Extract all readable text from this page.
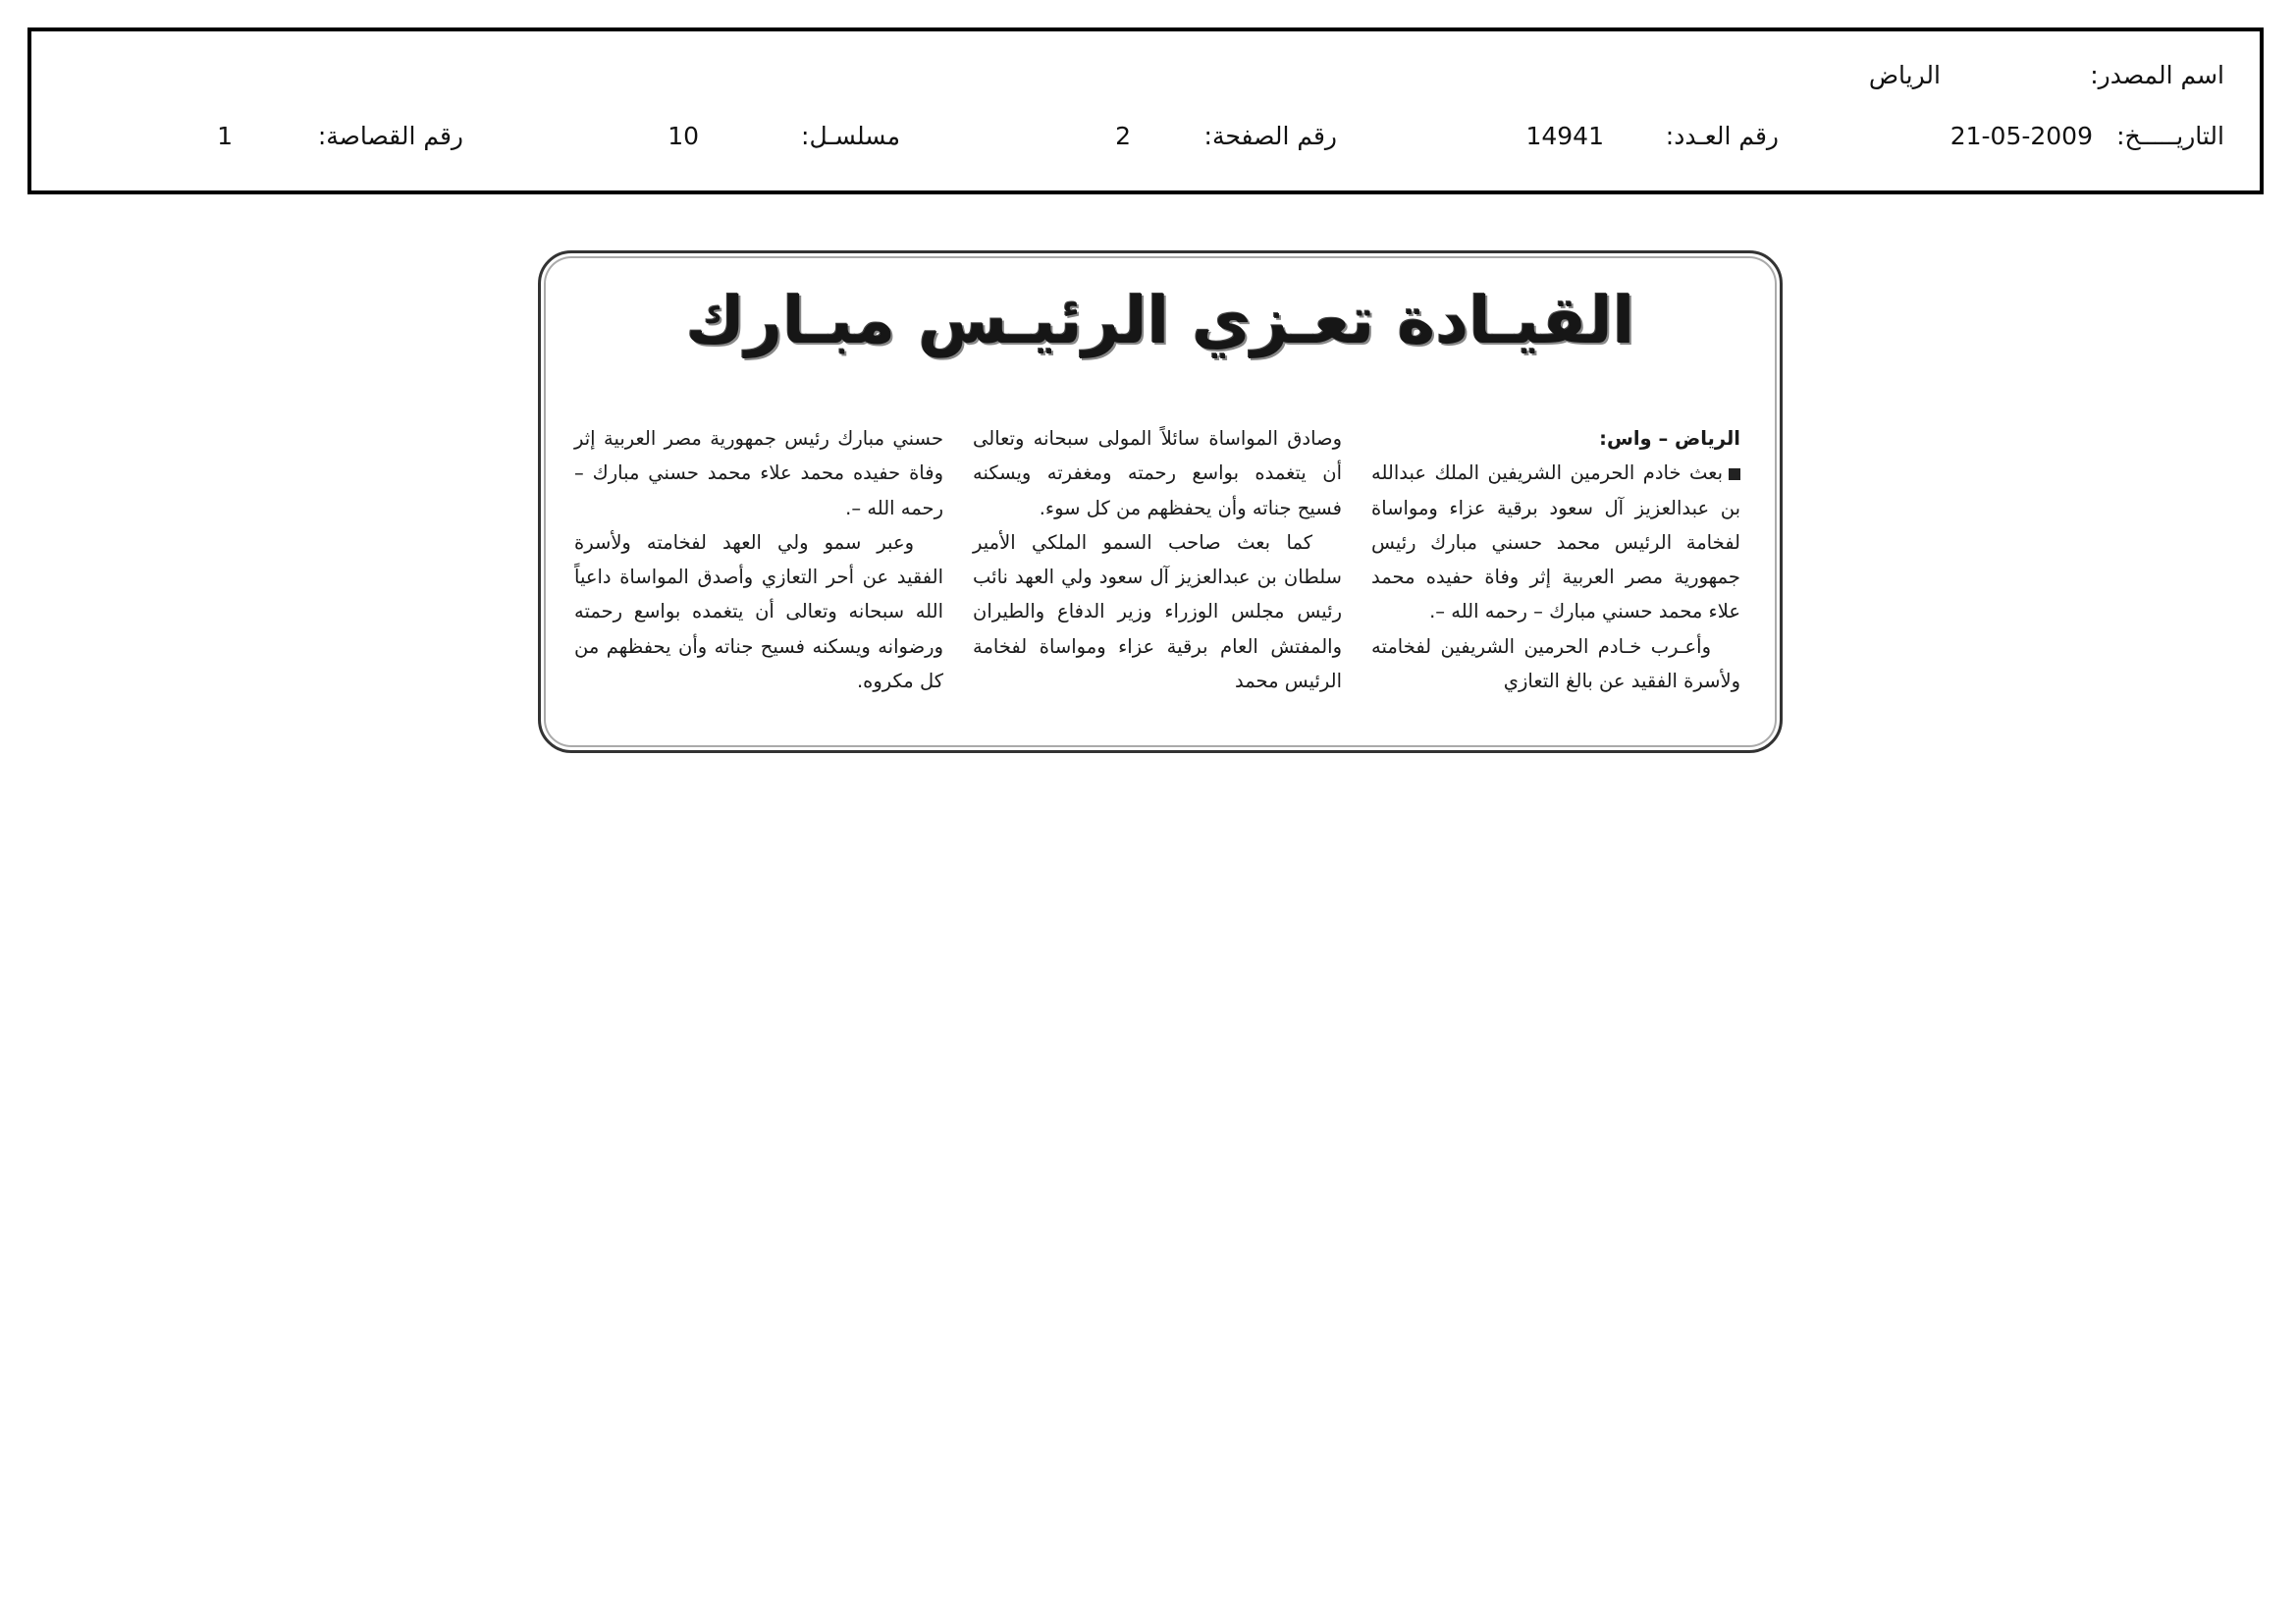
اسم المصدر:
الرياض
التاريـــــخ:
21-05-2009
رقم العـدد:
14941
رقم الصفحة:
2
مسلسـل:
10
رقم القصاصة:
1
القيـادة تعـزي الرئيـس مبـارك

الرياض – واس:

بعث خادم الحرمين الشريفين الملك عبدالله بن عبدالعزيز آل سعود برقية عزاء ومواساة لفخامة الرئيس محمد حسني مبارك رئيس جمهورية مصر العربية إثر وفاة حفيده محمد علاء محمد حسني مبارك – رحمه الله –.

وأعـرب خـادم الحرمين الشريفين لفخامته ولأسرة الفقيد عن بالغ التعازي

وصادق المواساة سائلاً المولى سبحانه وتعالى أن يتغمده بواسع رحمته ومغفرته ويسكنه فسيح جناته وأن يحفظهم من كل سوء.

كما بعث صاحب السمو الملكي الأمير سلطان بن عبدالعزيز آل سعود ولي العهد نائب رئيس مجلس الوزراء وزير الدفاع والطيران والمفتش العام برقية عزاء ومواساة لفخامة الرئيس محمد

حسني مبارك رئيس جمهورية مصر العربية إثر وفاة حفيده محمد علاء محمد حسني مبارك – رحمه الله –.

وعبر سمو ولي العهد لفخامته ولأسرة الفقيد عن أحر التعازي وأصدق المواساة داعياً الله سبحانه وتعالى أن يتغمده بواسع رحمته ورضوانه ويسكنه فسيح جناته وأن يحفظهم من كل مكروه.
